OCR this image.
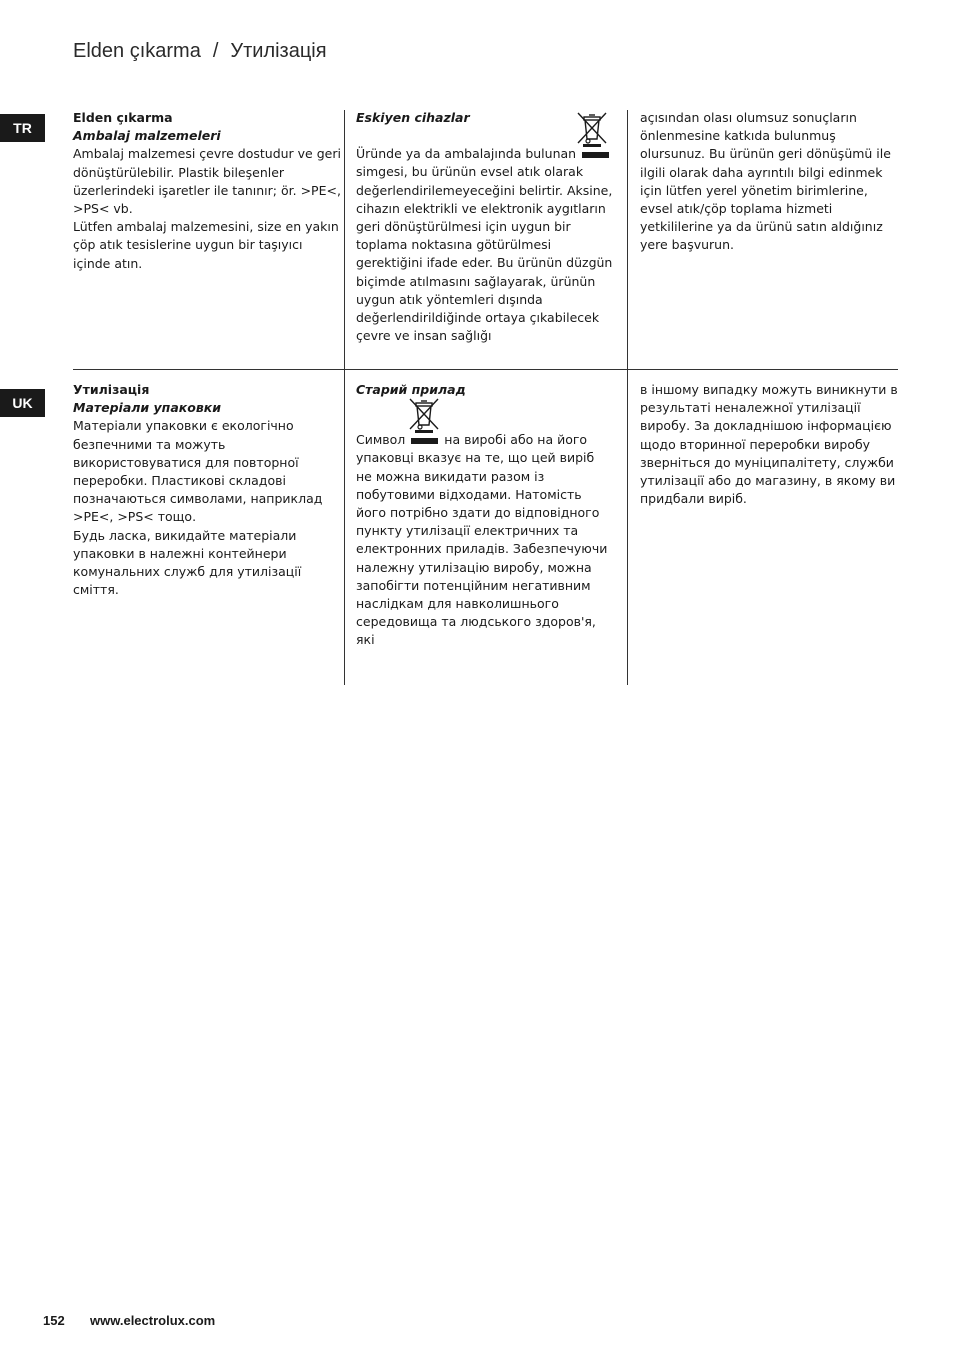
Elden çıkarma / Утилізація
TR
UK

Elden çıkarma

Ambalaj malzemeleri

Ambalaj malzemesi çevre dostudur ve geri dönüştürülebilir. Plastik bileşenler üzerlerindeki işaretler ile tanınır; ör. >PE<, >PS< vb.

Lütfen ambalaj malzemesini, size en yakın çöp atık tesislerine uygun bir taşıyıcı içinde atın.

Eskiyen cihazlar

Üründe ya da ambalajında bulunan  simgesi, bu ürünün evsel atık olarak değerlendirilemeyeceğini belirtir. Aksine, cihazın elektrikli ve elektronik aygıtların geri dönüştürülmesi için uygun bir toplama noktasına götürülmesi gerektiğini ifade eder. Bu ürünün düzgün biçimde atılmasını sağlayarak, ürünün uygun atık yöntemleri dışında değerlendirildiğinde ortaya çıkabilecek çevre ve insan sağlığı

açısından olası olumsuz sonuçların önlenmesine katkıda bulunmuş olursunuz. Bu ürünün geri dönüşümü ile ilgili olarak daha ayrıntılı bilgi edinmek için lütfen yerel yönetim birimlerine, evsel atık/çöp toplama hizmeti yetkililerine ya da ürünü satın aldığınız yere başvurun.

Утилізація

Матеріали упаковки

Матеріали упаковки є екологічно безпечними та можуть використовуватися для повторної переробки. Пластикові складові позначаються символами, наприклад >PE<, >PS< тощо.

Будь ласка, викидайте матеріали упаковки в належні контейнери комунальних служб для утилізації сміття.

Старий прилад

Символ	на виробі або на його упаковці вказує на те, що цей виріб не можна викидати разом із побутовими відходами. Натомість його потрібно здати до відповідного пункту утилізації електричних та електронних приладів. Забезпечуючи належну утилізацію виробу, можна запобігти потенційним негативним наслідкам для навколишнього середовища та людського здоров'я, які

в іншому випадку можуть виникнути в результаті неналежної утилізації виробу. За докладнішою інформацією щодо вторинної переробки виробу зверніться до муніципалітету, служби утилізації або до магазину, в якому ви придбали виріб.

152 www.electrolux.com
